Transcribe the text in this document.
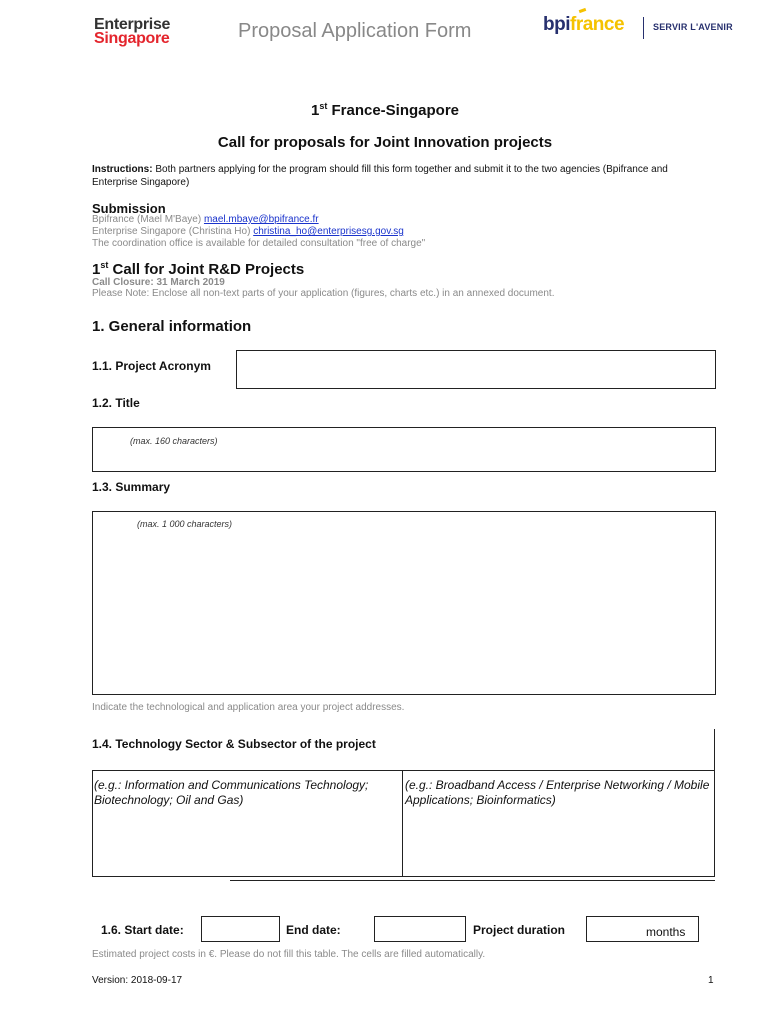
Enterprise
Singapore	Proposal Application Form	bpifrance	SERVIR L'AVENIR
1st France-Singapore
Call for proposals for Joint Innovation projects
Instructions: Both partners applying for the program should fill this form together and submit it to the two agencies (Bpifrance and Enterprise Singapore)
Submission
Bpifrance (Mael M'Baye) mael.mbaye@bpifrance.fr
Enterprise Singapore (Christina Ho) christina_ho@enterprisesg.gov.sg
The coordination office is available for detailed consultation "free of charge"
1st Call for Joint R&D Projects
Call Closure: 31 March 2019
Please Note: Enclose all non-text parts of your application (figures, charts etc.) in an annexed document.
1. General information
1.1. Project Acronym
1.2. Title
(max. 160 characters)
1.3. Summary
(max. 1 000 characters)
Indicate the technological and application area your project addresses.
1.4. Technology Sector & Subsector of the project
(e.g.: Information and Communications Technology; Biotechnology; Oil and Gas)
(e.g.: Broadband Access / Enterprise Networking / Mobile Applications; Bioinformatics)
1.6. Start date:	End date:	Project duration	months
Estimated project costs in €. Please do not fill this table. The cells are filled automatically.
Version: 2018-09-17	1
